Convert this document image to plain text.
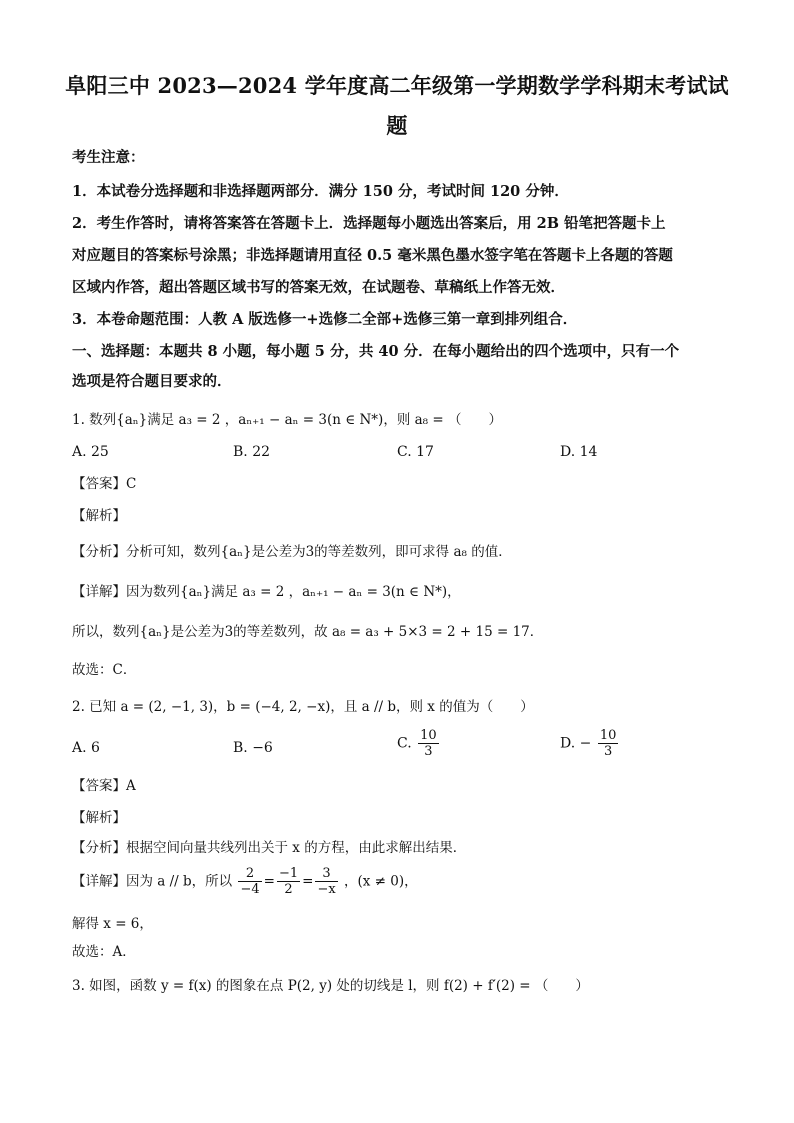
阜阳三中 2023—2024 学年度高二年级第一学期数学学科期末考试试
题
考生注意：
1．本试卷分选择题和非选择题两部分．满分 150 分，考试时间 120 分钟．
2．考生作答时，请将答案答在答题卡上．选择题每小题选出答案后，用 2B 铅笔把答题卡上
对应题目的答案标号涂黑；非选择题请用直径 0.5 毫米黑色墨水签字笔在答题卡上各题的答题
区域内作答，超出答题区域书写的答案无效，在试题卷、草稿纸上作答无效．
3．本卷命题范围：人教 A 版选修一+选修二全部+选修三第一章到排列组合．
一、选择题：本题共 8 小题，每小题 5 分，共 40 分．在每小题给出的四个选项中，只有一个
选项是符合题目要求的．
1. 数列{aₙ}满足 a₃ = 2 ，aₙ₊₁ − aₙ = 3(n ∈ N*)，则 a₈ = （　　）
A. 25	B. 22	C. 17	D. 14
【答案】C
【解析】
【分析】分析可知，数列{aₙ}是公差为3的等差数列，即可求得 a₈ 的值．
【详解】因为数列{aₙ}满足 a₃ = 2 ，aₙ₊₁ − aₙ = 3(n ∈ N*)，
所以，数列{aₙ}是公差为3的等差数列，故 a₈ = a₃ + 5×3 = 2 + 15 = 17．
故选：C．
2. 已知 a = (2, −1, 3)，b = (−4, 2, −x)，且 a // b，则 x 的值为（　　）
A. 6	B. −6	C. $\frac{10}{3}$	D. − $\frac{10}{3}$
【答案】A
【解析】
【分析】根据空间向量共线列出关于 x 的方程，由此求解出结果．
【详解】因为 a // b，所以 $\frac{2}{-4} = \frac{-1}{2} = \frac{3}{-x}$ ，(x ≠ 0)，
解得 x = 6，
故选：A．
3. 如图，函数 y = f(x) 的图象在点 P(2, y) 处的切线是 l，则 f(2) + f′(2) = （　　）
